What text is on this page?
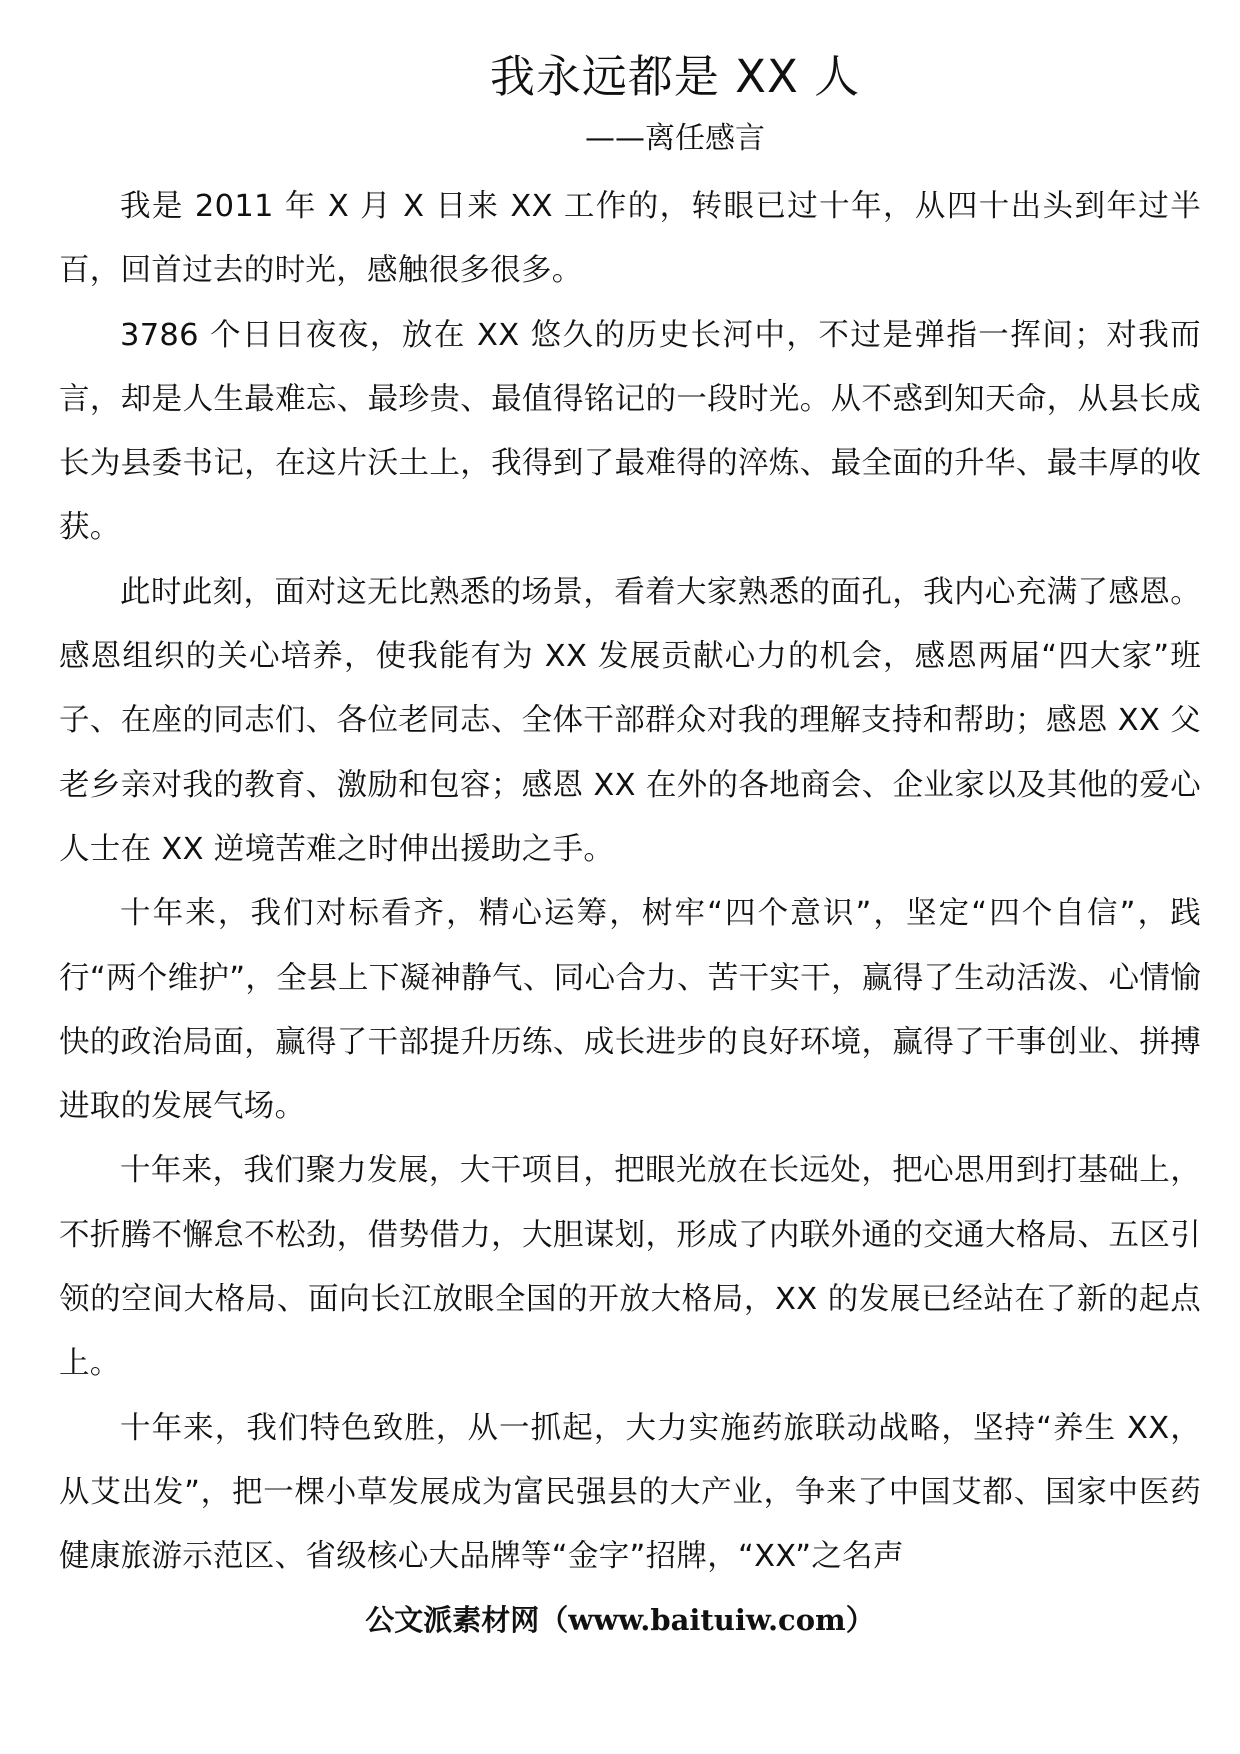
我永远都是 XX 人
——离任感言

我是 2011 年 X 月 X 日来 XX 工作的，转眼已过十年，从四十出头到年过半百，回首过去的时光，感触很多很多。

3786 个日日夜夜，放在 XX 悠久的历史长河中，不过是弹指一挥间；对我而言，却是人生最难忘、最珍贵、最值得铭记的一段时光。从不惑到知天命，从县长成长为县委书记，在这片沃土上，我得到了最难得的淬炼、最全面的升华、最丰厚的收获。

此时此刻，面对这无比熟悉的场景，看着大家熟悉的面孔，我内心充满了感恩。感恩组织的关心培养，使我能有为 XX 发展贡献心力的机会，感恩两届“四大家”班子、在座的同志们、各位老同志、全体干部群众对我的理解支持和帮助；感恩 XX 父老乡亲对我的教育、激励和包容；感恩 XX 在外的各地商会、企业家以及其他的爱心人士在 XX 逆境苦难之时伸出援助之手。

十年来，我们对标看齐，精心运筹，树牢“四个意识”，坚定“四个自信”，践行“两个维护”，全县上下凝神静气、同心合力、苦干实干，赢得了生动活泼、心情愉快的政治局面，赢得了干部提升历练、成长进步的良好环境，赢得了干事创业、拼搏进取的发展气场。

十年来，我们聚力发展，大干项目，把眼光放在长远处，把心思用到打基础上，不折腾不懈怠不松劲，借势借力，大胆谋划，形成了内联外通的交通大格局、五区引领的空间大格局、面向长江放眼全国的开放大格局，XX 的发展已经站在了新的起点上。

十年来，我们特色致胜，从一抓起，大力实施药旅联动战略，坚持“养生 XX，从艾出发”，把一棵小草发展成为富民强县的大产业，争来了中国艾都、国家中医药健康旅游示范区、省级核心大品牌等“金字”招牌，“XX”之名声

公文派素材网（www.baituiw.com）
